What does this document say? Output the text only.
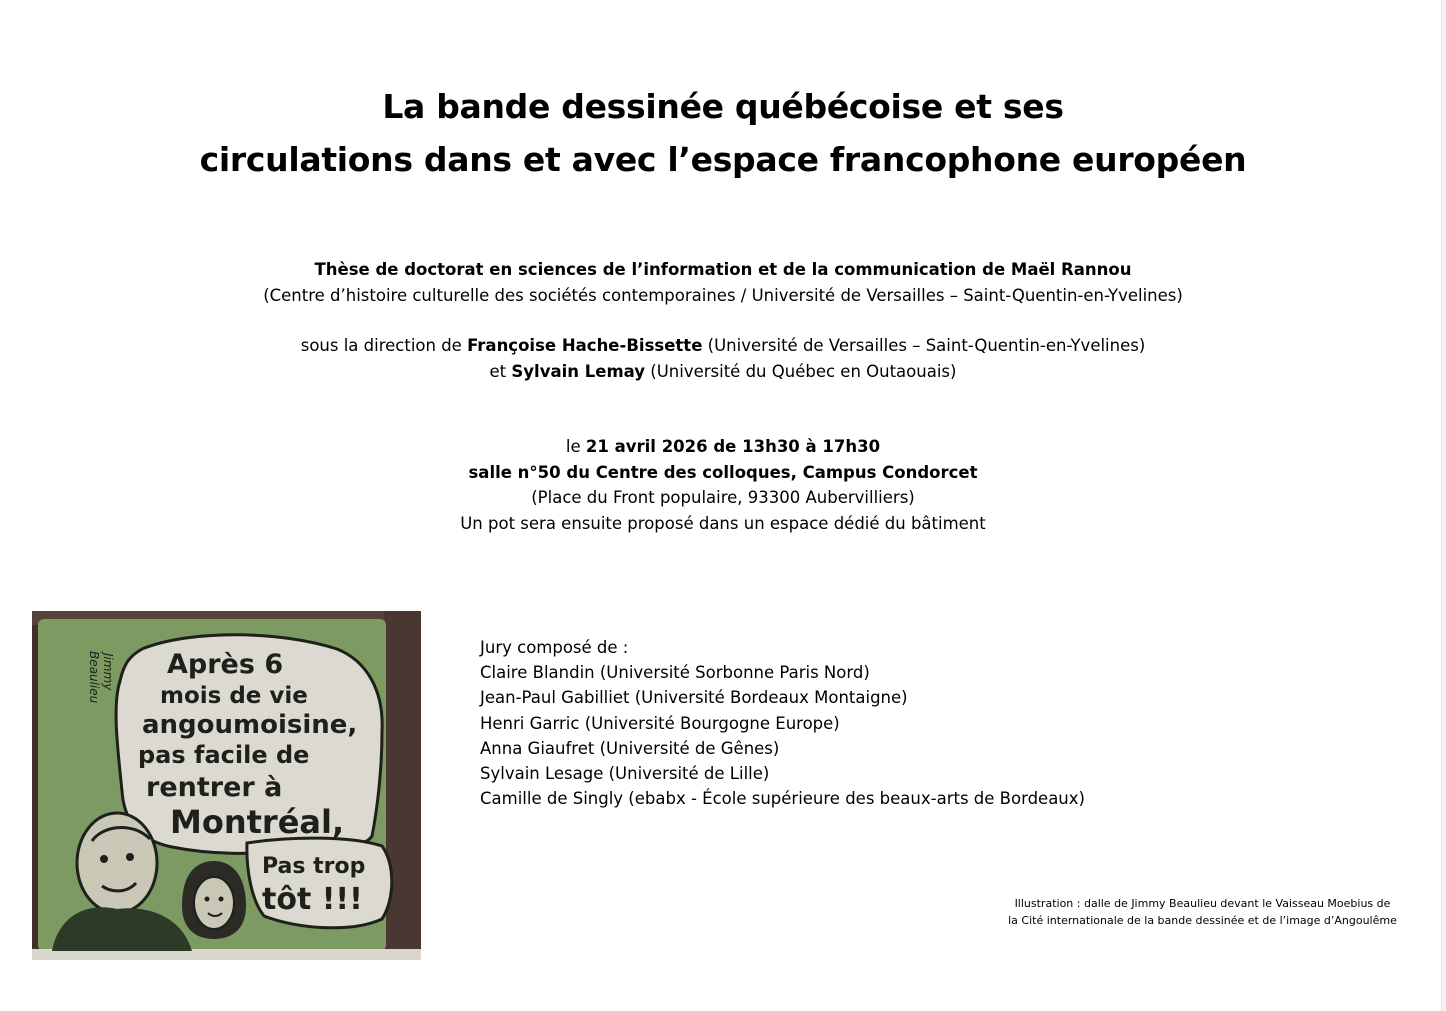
La bande dessinée québécoise et ses
circulations dans et avec l’espace francophone européen

Thèse de doctorat en sciences de l’information et de la communication de Maël Rannou

(Centre d’histoire culturelle des sociétés contemporaines / Université de Versailles – Saint-Quentin-en-Yvelines)

sous la direction de Françoise Hache-Bissette (Université de Versailles – Saint-Quentin-en-Yvelines)

et Sylvain Lemay (Université du Québec en Outaouais)

le 21 avril 2026 de 13h30 à 17h30

salle n°50 du Centre des colloques, Campus Condorcet

(Place du Front populaire, 93300 Aubervilliers)

Un pot sera ensuite proposé dans un espace dédié du bâtiment

Après 6
mois de vie
angoumoisine,
pas facile de
rentrer à
Montréal,
Pas trop
tôt !!!
Jimmy
Beaulieu

Jury composé de :

Claire Blandin (Université Sorbonne Paris Nord)

Jean-Paul Gabilliet (Université Bordeaux Montaigne)

Henri Garric (Université Bourgogne Europe)

Anna Giaufret (Université de Gênes)

Sylvain Lesage (Université de Lille)

Camille de Singly (ebabx - École supérieure des beaux-arts de Bordeaux)

Illustration : dalle de Jimmy Beaulieu devant le Vaisseau Moebius de

la Cité internationale de la bande dessinée et de l’image d’Angoulême
